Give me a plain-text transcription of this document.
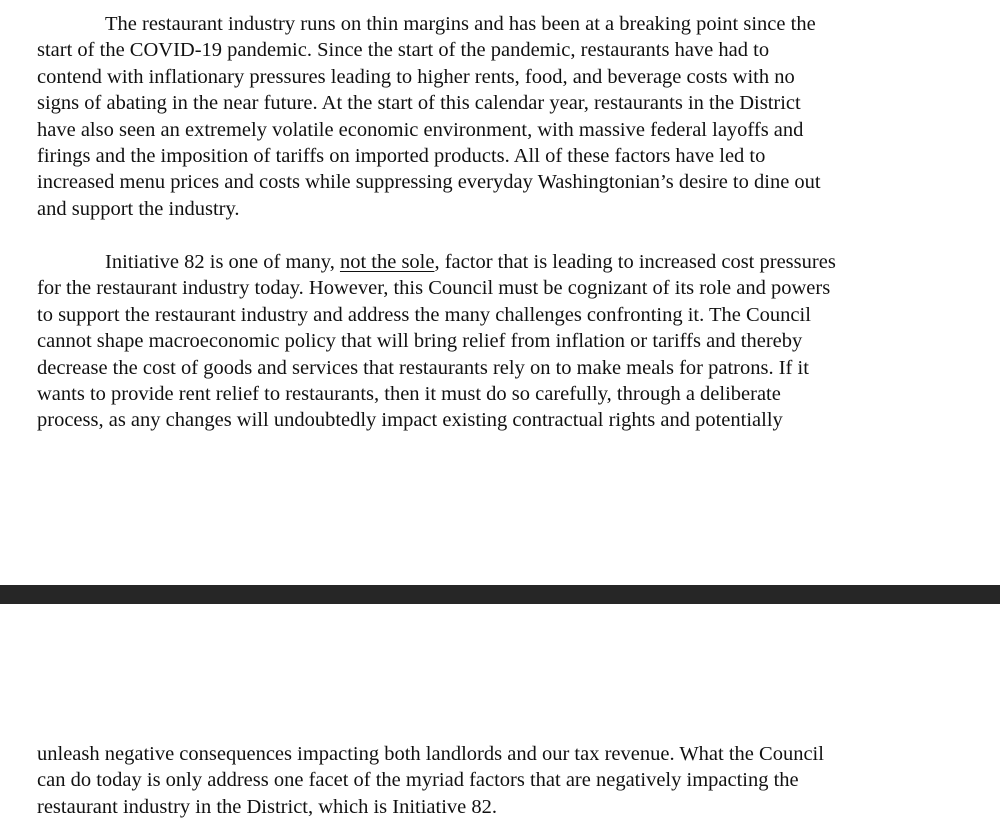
The restaurant industry runs on thin margins and has been at a breaking point since the
start of the COVID-19 pandemic. Since the start of the pandemic, restaurants have had to
contend with inflationary pressures leading to higher rents, food, and beverage costs with no
signs of abating in the near future. At the start of this calendar year, restaurants in the District
have also seen an extremely volatile economic environment, with massive federal layoffs and
firings and the imposition of tariffs on imported products. All of these factors have led to
increased menu prices and costs while suppressing everyday Washingtonian’s desire to dine out
and support the industry.

Initiative 82 is one of many, not the sole, factor that is leading to increased cost pressures
for the restaurant industry today. However, this Council must be cognizant of its role and powers
to support the restaurant industry and address the many challenges confronting it. The Council
cannot shape macroeconomic policy that will bring relief from inflation or tariffs and thereby
decrease the cost of goods and services that restaurants rely on to make meals for patrons. If it
wants to provide rent relief to restaurants, then it must do so carefully, through a deliberate
process, as any changes will undoubtedly impact existing contractual rights and potentially

unleash negative consequences impacting both landlords and our tax revenue. What the Council
can do today is only address one facet of the myriad factors that are negatively impacting the
restaurant industry in the District, which is Initiative 82.
